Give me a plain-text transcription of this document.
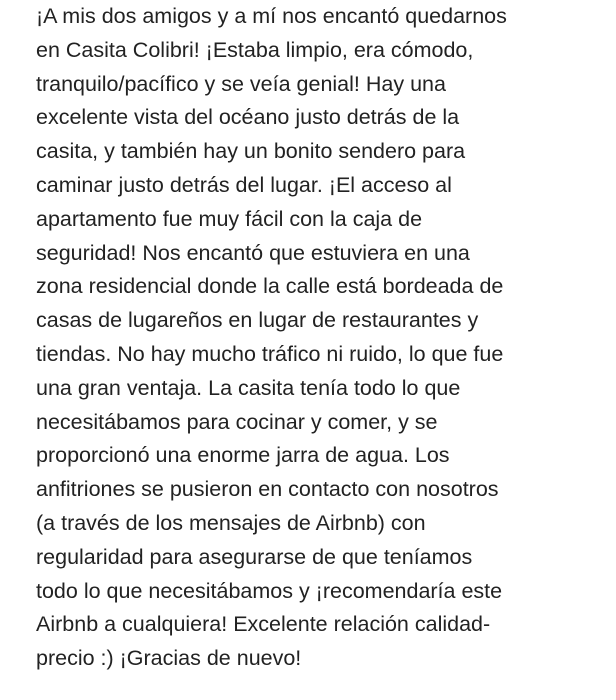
¡A mis dos amigos y a mí nos encantó quedarnos
en Casita Colibri! ¡Estaba limpio, era cómodo,
tranquilo/pacífico y se veía genial! Hay una
excelente vista del océano justo detrás de la
casita, y también hay un bonito sendero para
caminar justo detrás del lugar. ¡El acceso al
apartamento fue muy fácil con la caja de
seguridad! Nos encantó que estuviera en una
zona residencial donde la calle está bordeada de
casas de lugareños en lugar de restaurantes y
tiendas. No hay mucho tráfico ni ruido, lo que fue
una gran ventaja. La casita tenía todo lo que
necesitábamos para cocinar y comer, y se
proporcionó una enorme jarra de agua. Los
anfitriones se pusieron en contacto con nosotros
(a través de los mensajes de Airbnb) con
regularidad para asegurarse de que teníamos
todo lo que necesitábamos y ¡recomendaría este
Airbnb a cualquiera! Excelente relación calidad-
precio :) ¡Gracias de nuevo!
